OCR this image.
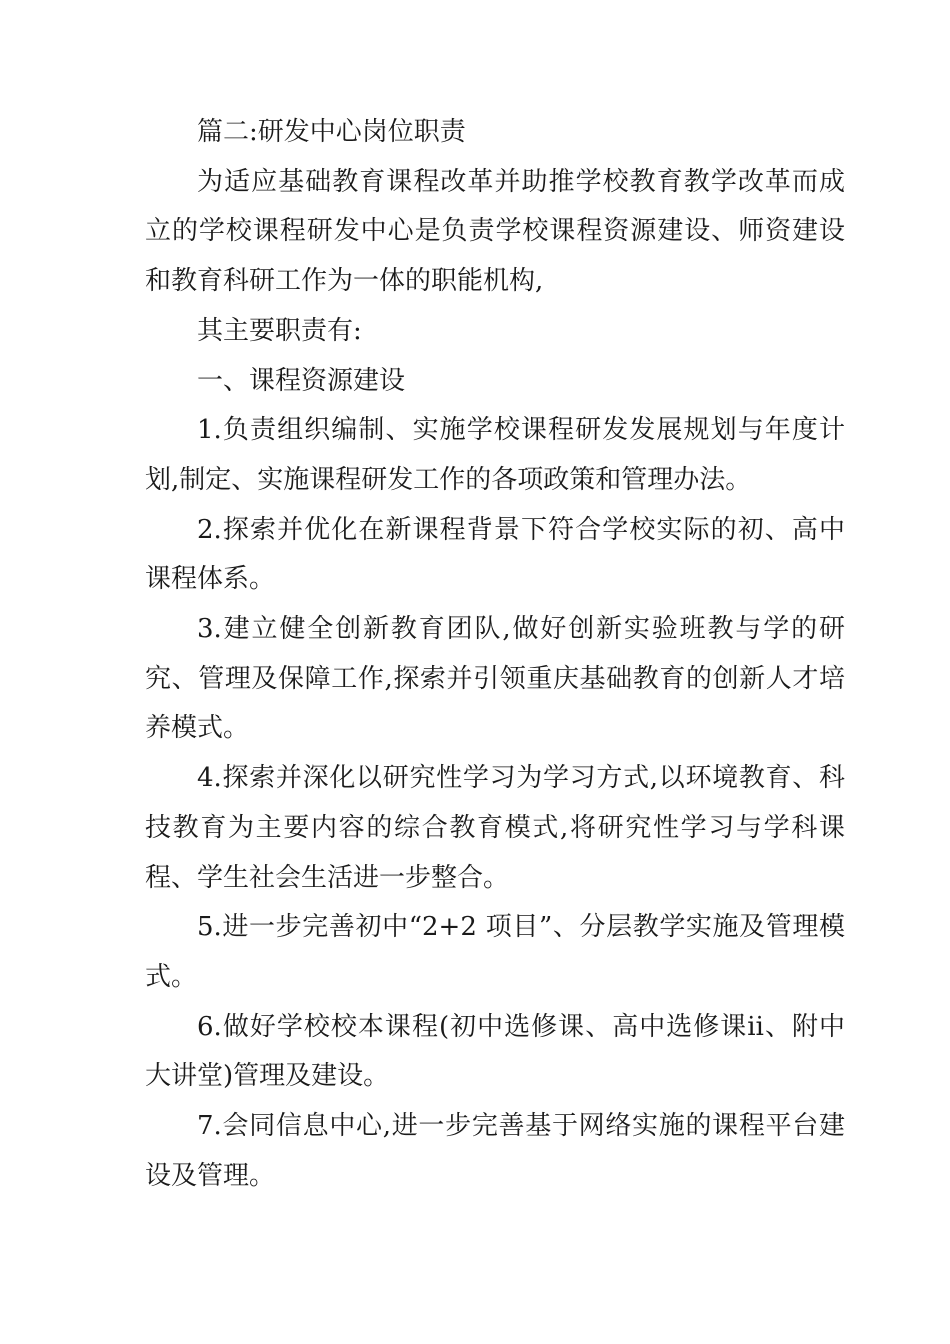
篇二:研发中心岗位职责

为适应基础教育课程改革并助推学校教育教学改革而成立的学校课程研发中心是负责学校课程资源建设、师资建设和教育科研工作为一体的职能机构,

其主要职责有:

一、课程资源建设

1.负责组织编制、实施学校课程研发发展规划与年度计划,制定、实施课程研发工作的各项政策和管理办法。

2.探索并优化在新课程背景下符合学校实际的初、高中课程体系。

3.建立健全创新教育团队,做好创新实验班教与学的研究、管理及保障工作,探索并引领重庆基础教育的创新人才培养模式。

4.探索并深化以研究性学习为学习方式,以环境教育、科技教育为主要内容的综合教育模式,将研究性学习与学科课程、学生社会生活进一步整合。

5.进一步完善初中“2+2 项目”、分层教学实施及管理模式。

6.做好学校校本课程(初中选修课、高中选修课ⅱ、附中大讲堂)管理及建设。

7.会同信息中心,进一步完善基于网络实施的课程平台建设及管理。
